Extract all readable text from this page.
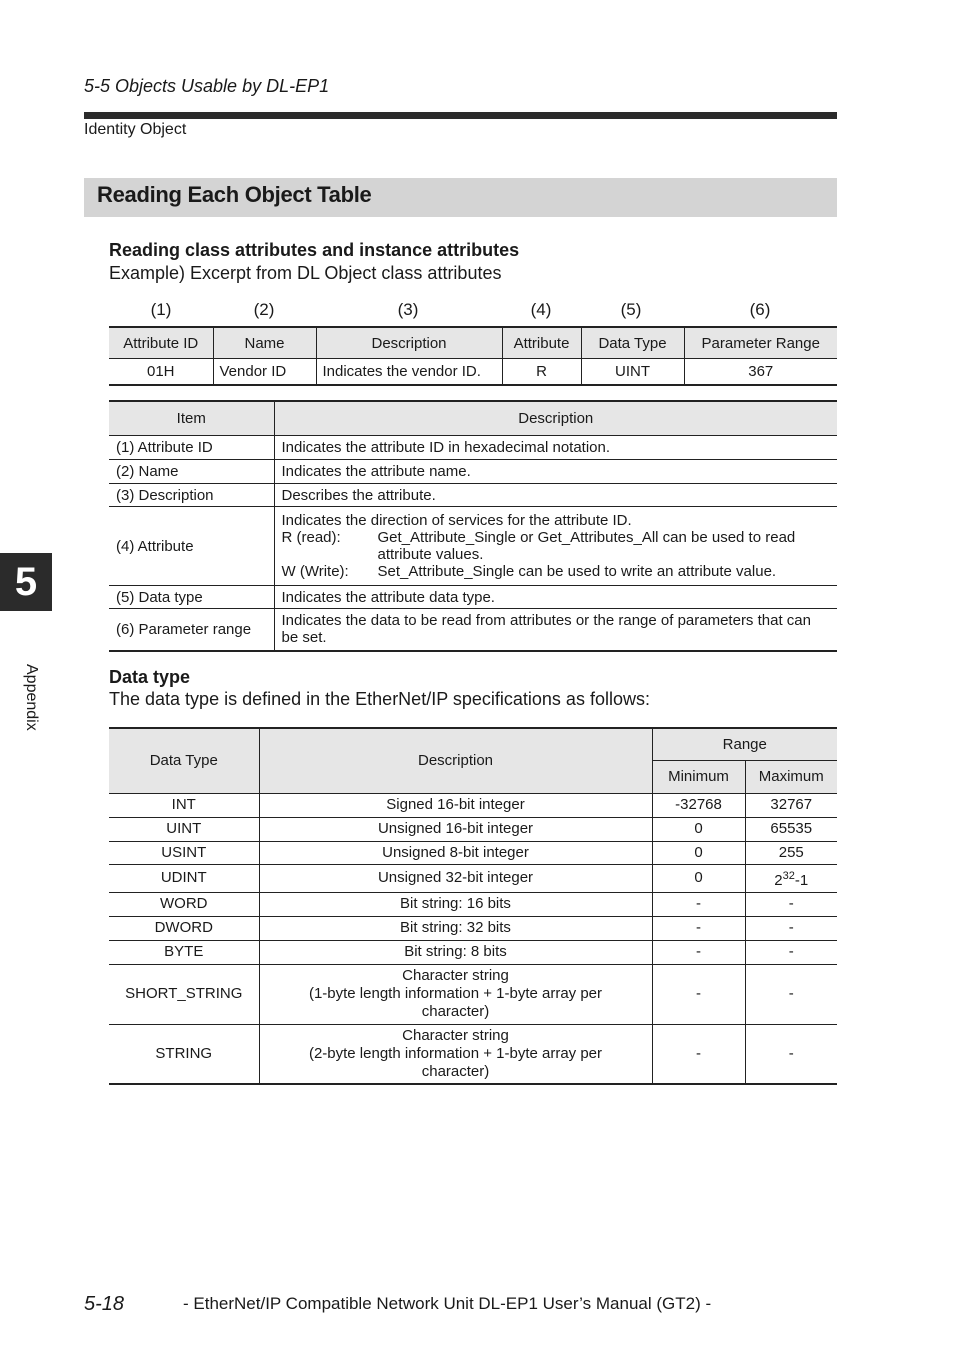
5-5 Objects Usable by DL-EP1
Identity Object
Reading Each Object Table
Reading class attributes and instance attributes
Example) Excerpt from DL Object class attributes
(1)	(2)	(3)	(4)	(5)	(6)
Attribute ID	Name	Description	Attribute	Data Type	Parameter Range
01H	Vendor ID	Indicates the vendor ID.	R	UINT	367
Item	Description
(1) Attribute ID	Indicates the attribute ID in hexadecimal notation.
(2) Name	Indicates the attribute name.
(3) Description	Describes the attribute.
(4) Attribute	Indicates the direction of services for the attribute ID.
R (read): Get_Attribute_Single or Get_Attributes_All can be used to read attribute values.
W (Write): Set_Attribute_Single can be used to write an attribute value.

(5) Data type	Indicates the attribute data type.
(6) Parameter range	Indicates the data to be read from attributes or the range of parameters that can be set.
Data type
The data type is defined in the EtherNet/IP specifications as follows:
Data Type	Description	Range	
		Minimum	Maximum
INT	Signed 16-bit integer	-32768	32767
UINT	Unsigned 16-bit integer	0	65535
USINT	Unsigned 8-bit integer	0	255
UDINT	Unsigned 32-bit integer	0	$2^{32}-1$
WORD	Bit string: 16 bits	-	-
DWORD	Bit string: 32 bits	-	-
BYTE	Bit string: 8 bits	-	-
SHORT_STRING	Character string
(1-byte length information + 1-byte array per
character)	-	-
STRING	Character string
(2-byte length information + 1-byte array per
character)	-	-
5
Appendix
5-18	- EtherNet/IP Compatible Network Unit DL-EP1 User’s Manual (GT2) -
